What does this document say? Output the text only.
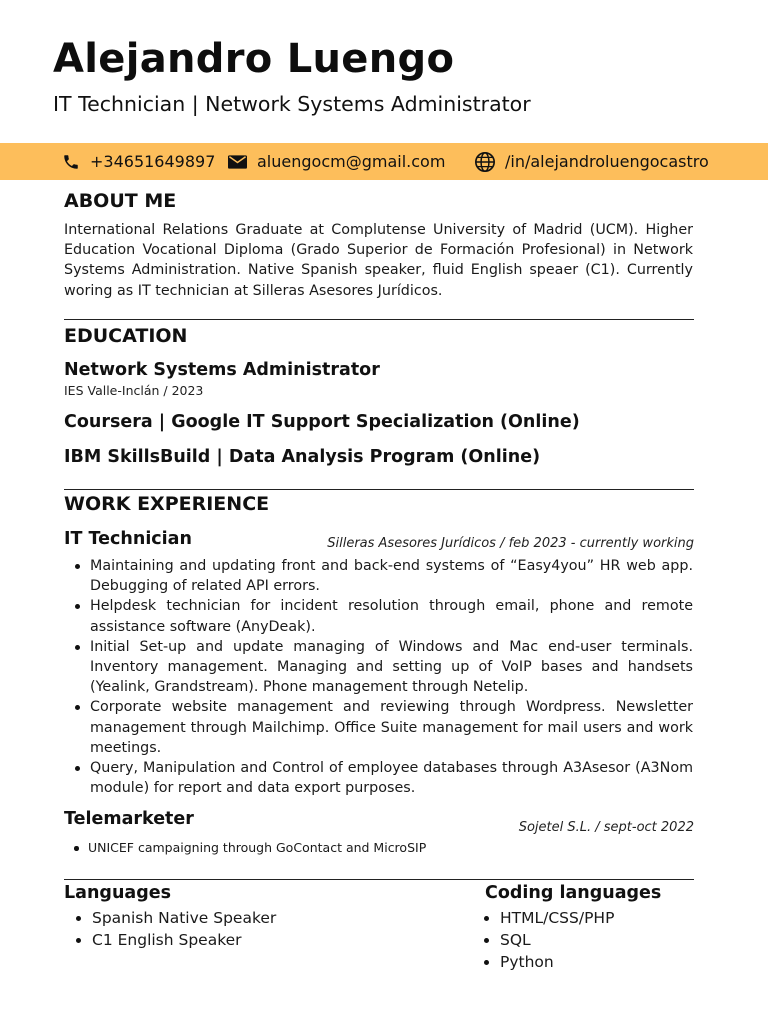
Alejandro Luengo
IT Technician | Network Systems Administrator
+34651649897	aluengocm@gmail.com	/in/alejandroluengocastro
ABOUT ME
International Relations Graduate at Complutense University of Madrid (UCM). Higher Education Vocational Diploma (Grado Superior de Formación Profesional) in Network Systems Administration. Native Spanish speaker, fluid English speaer (C1). Currently woring as IT technician at Silleras Asesores Jurídicos.
EDUCATION
Network Systems Administrator
IES Valle-Inclán / 2023
Coursera | Google IT Support Specialization (Online)
IBM SkillsBuild | Data Analysis Program (Online)
WORK EXPERIENCE
IT Technician	Silleras Asesores Jurídicos / feb 2023 - currently working
Maintaining and updating front and back-end systems of “Easy4you” HR web app. Debugging of related API errors.
Helpdesk technician for incident resolution through email, phone and remote assistance software (AnyDeak).
Initial Set-up and update managing of Windows and Mac end-user terminals. Inventory management. Managing and setting up of VoIP bases and handsets (Yealink, Grandstream). Phone management through Netelip.
Corporate website management and reviewing through Wordpress. Newsletter management through Mailchimp. Office Suite management for mail users and work meetings.
Query, Manipulation and Control of employee databases through A3Asesor (A3Nom module) for report and data export purposes.
Telemarketer	Sojetel S.L. / sept-oct 2022
UNICEF campaigning through GoContact and MicroSIP
Languages
Spanish Native Speaker
C1 English Speaker
Coding languages
HTML/CSS/PHP
SQL
Python
